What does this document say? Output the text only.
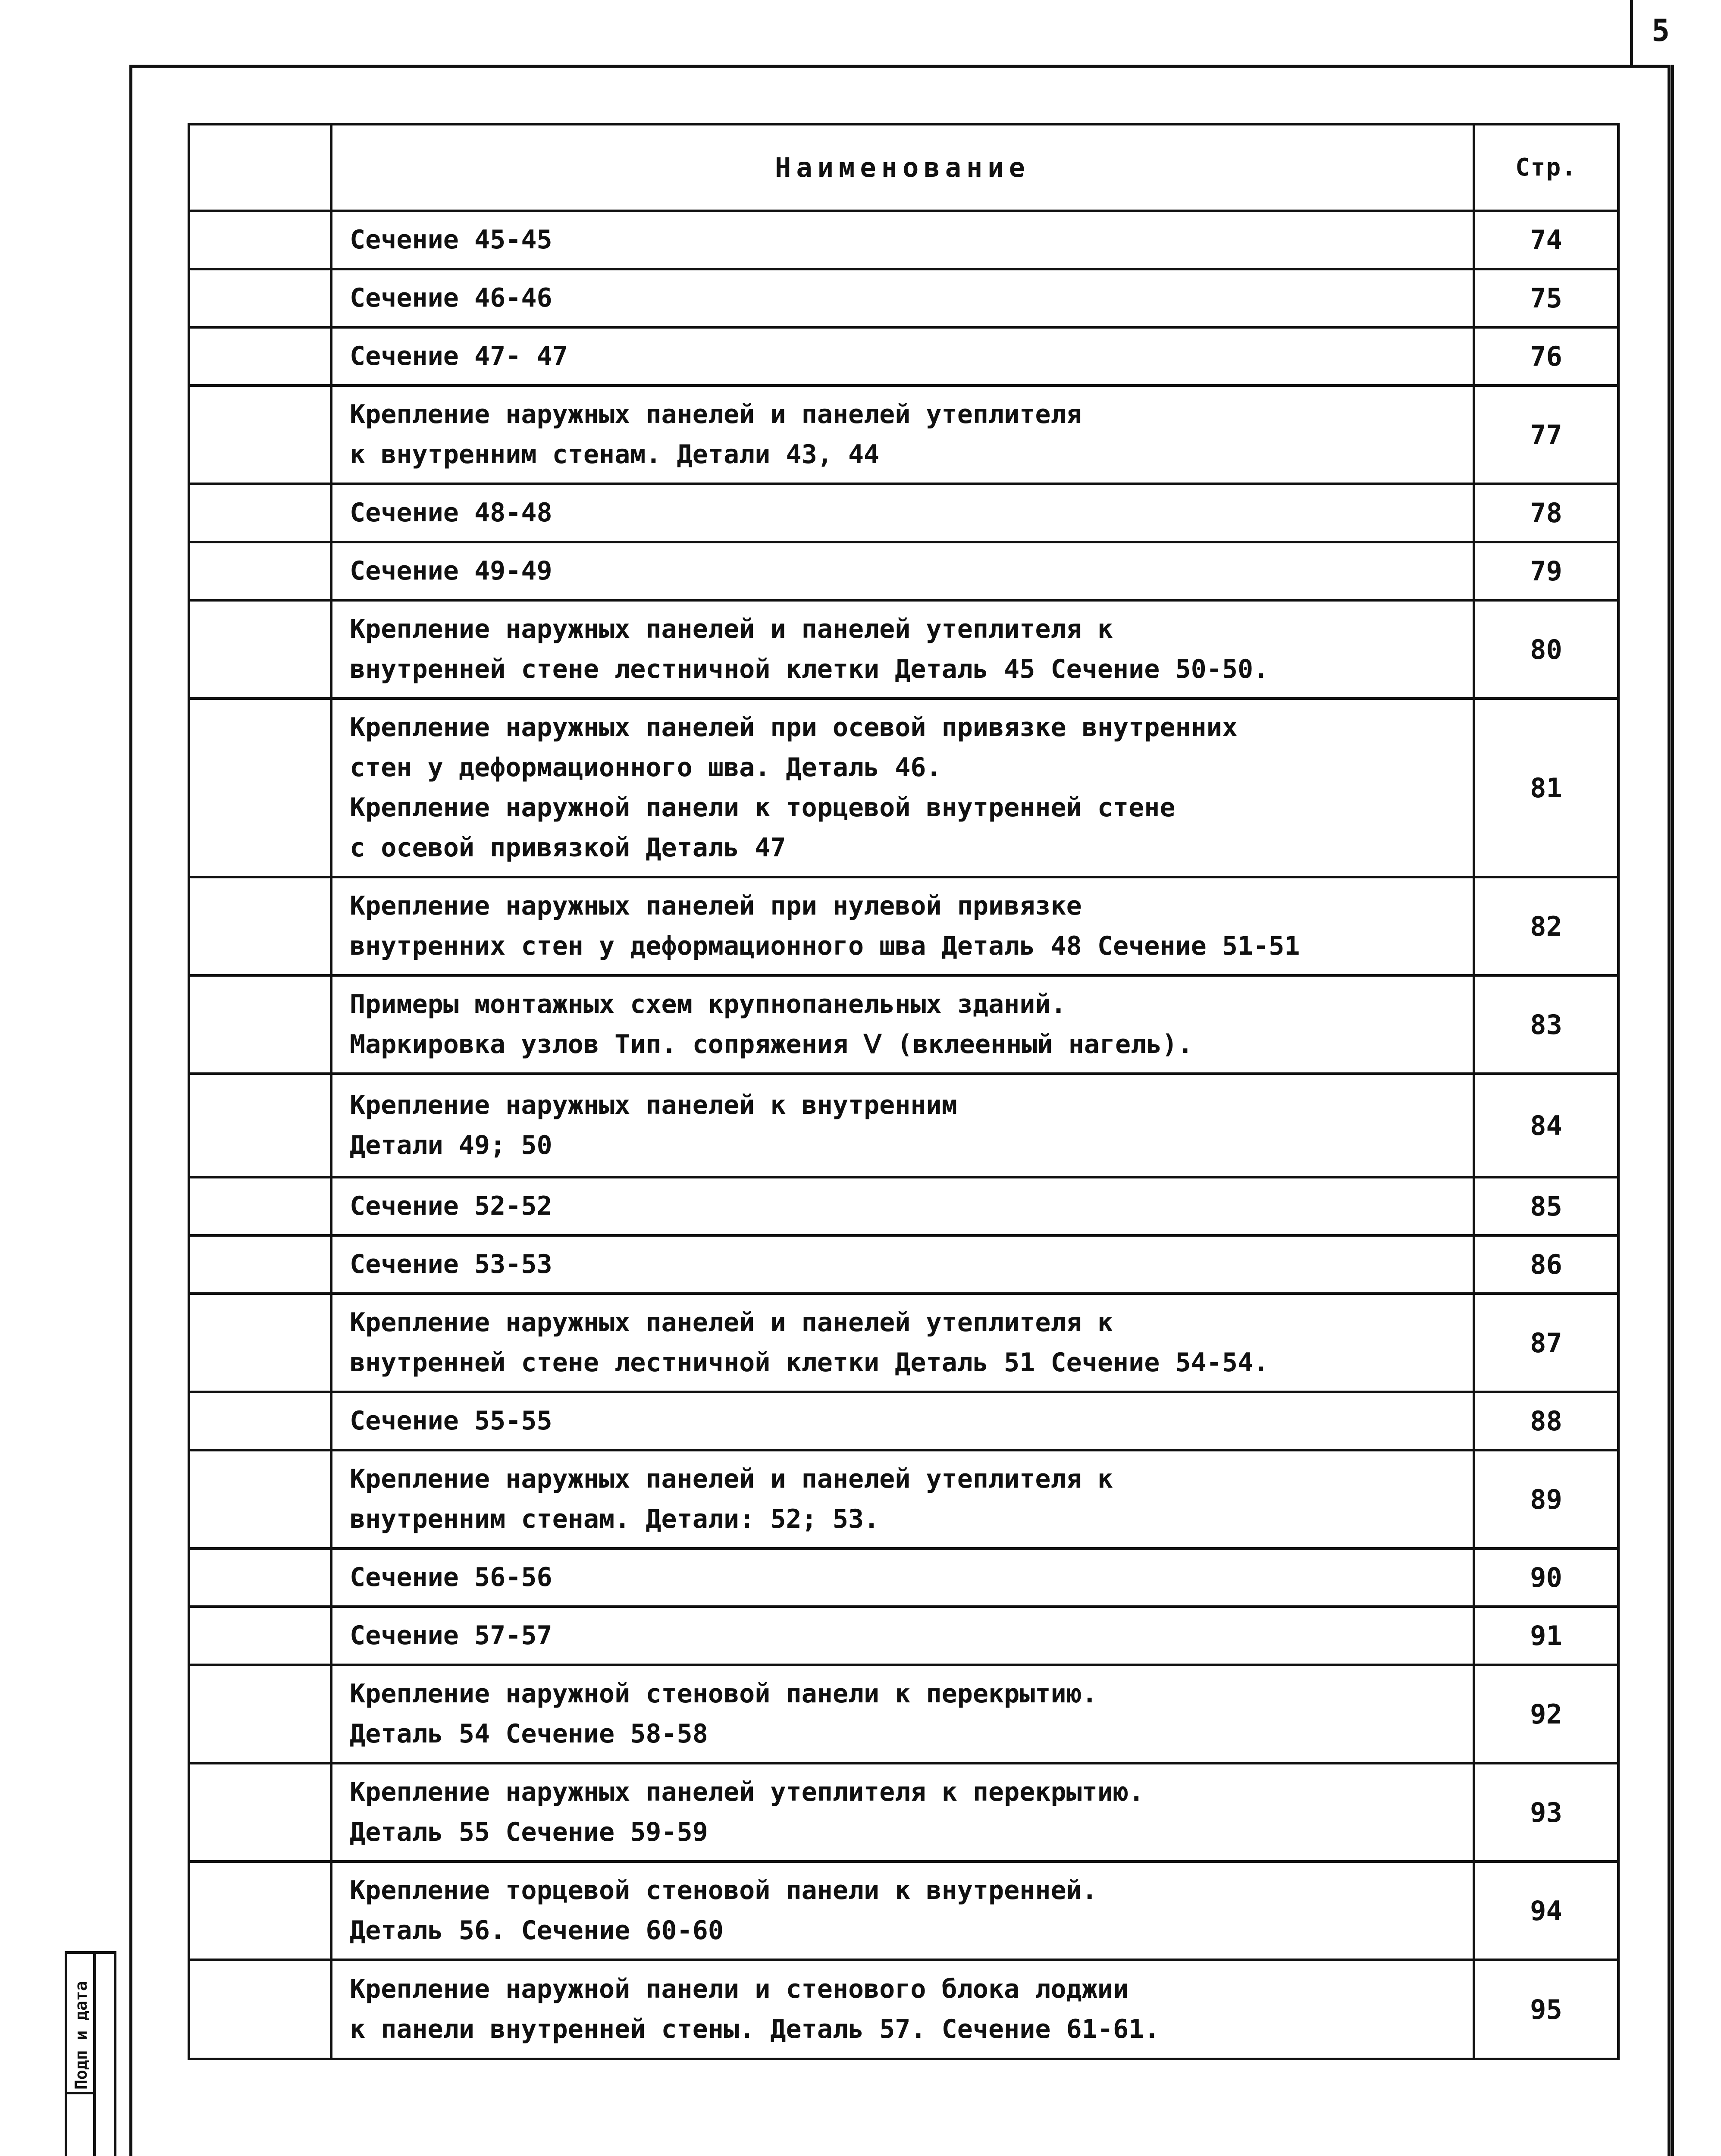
5
	Наименование	Стр.
	Сечение 45-45	74
	Сечение 46-46	75
	Сечение 47- 47	76
	Крепление наружных панелей и панелей утеплителя
к внутренним стенам. Детали 43, 44	77
	Сечение 48-48	78
	Сечение 49-49	79
	Крепление наружных панелей и панелей утеплителя к
внутренней стене лестничной клетки Деталь 45 Сечение 50-50.	80
	Крепление наружных панелей при осевой привязке внутренних
стен у деформационного шва. Деталь 46.
Крепление наружной панели к торцевой внутренней стене
с осевой привязкой Деталь 47	81
	Крепление наружных панелей при нулевой привязке
внутренних стен у деформационного шва Деталь 48 Сечение 51-51	82
	Примеры монтажных схем крупнопанельных зданий.
Маркировка узлов Тип. сопряжения Ⅴ (вклеенный нагель).	83
	Крепление наружных панелей к внутренним
Детали 49; 50	84
	Сечение 52-52	85
	Сечение 53-53	86
	Крепление наружных панелей и панелей утеплителя к
внутренней стене лестничной клетки Деталь 51 Сечение 54-54.	87
	Сечение 55-55	88
	Крепление наружных панелей и панелей утеплителя к
внутренним стенам. Детали: 52; 53.	89
	Сечение 56-56	90
	Сечение 57-57	91
	Крепление наружной стеновой панели к перекрытию.
Деталь 54 Сечение 58-58	92
	Крепление наружных панелей утеплителя к перекрытию.
Деталь 55 Сечение 59-59	93
	Крепление торцевой стеновой панели к внутренней.
Деталь 56. Сечение 60-60	94
	Крепление наружной панели и стенового блока лоджии
к панели внутренней стены. Деталь 57. Сечение 61-61.	95
Подп и дата
